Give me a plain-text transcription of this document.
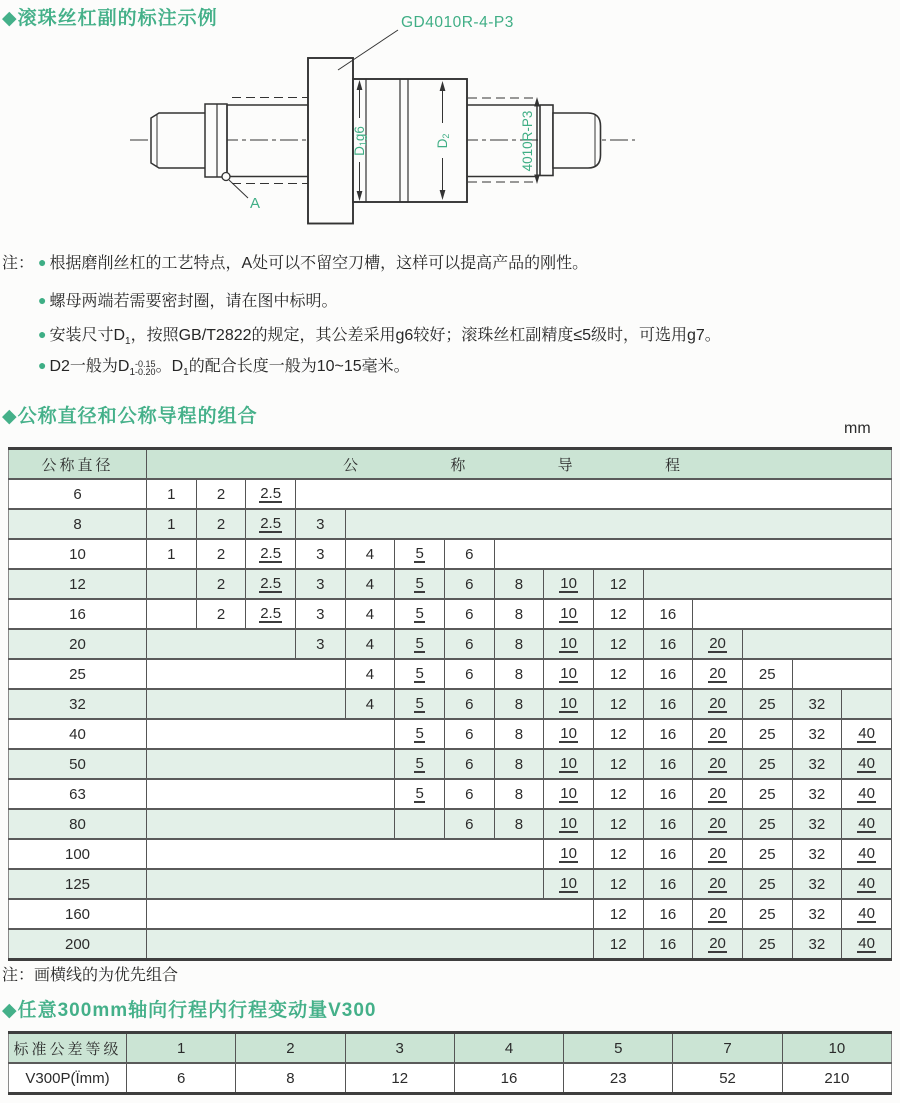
◆滚珠丝杠副的标注示例	GD4010R-4-P3
A
D1g6
D2	4010R-P3
注： ● 根据磨削丝杠的工艺特点，A处可以不留空刀槽，这样可以提高产品的刚性。
● 螺母两端若需要密封圈，请在图中标明。
● 安装尺寸$D_1$，按照GB/T2822的规定，其公差采用g6较好；滚珠丝杠副精度≤5级时，可选用g7。
● D2一般为$D_1$
-0.15
-0.20 。$D_1$的配合长度一般为10~15毫米。
◆公称直径和公称导程的组合
mm
公称直径	公 称 导 程														

6	1	2	2.5												
8	1	2	2.5	3											
10	1	2	2.5	3	4	5	6								
12		2	2.5	3	4	5	6	8	10	12					
16		2	2.5	3	4	5	6	8	10	12	16				
20				3	4	5	6	8	10	12	16	20			
25					4	5	6	8	10	12	16	20	25		
32					4	5	6	8	10	12	16	20	25	32	
40						5	6	8	10	12	16	20	25	32	40
50						5	6	8	10	12	16	20	25	32	40
63						5	6	8	10	12	16	20	25	32	40
80							6	8	10	12	16	20	25	32	40
100									10	12	16	20	25	32	40
125									10	12	16	20	25	32	40
160										12	16	20	25	32	40
200										12	16	20	25	32	40
注：画横线的为优先组合
◆任意300mm轴向行程内行程变动量V300
标准公差等级	1	2	3	4	5	7	10
V300P(Ïmm)	6	8	12	16	23	52	210
